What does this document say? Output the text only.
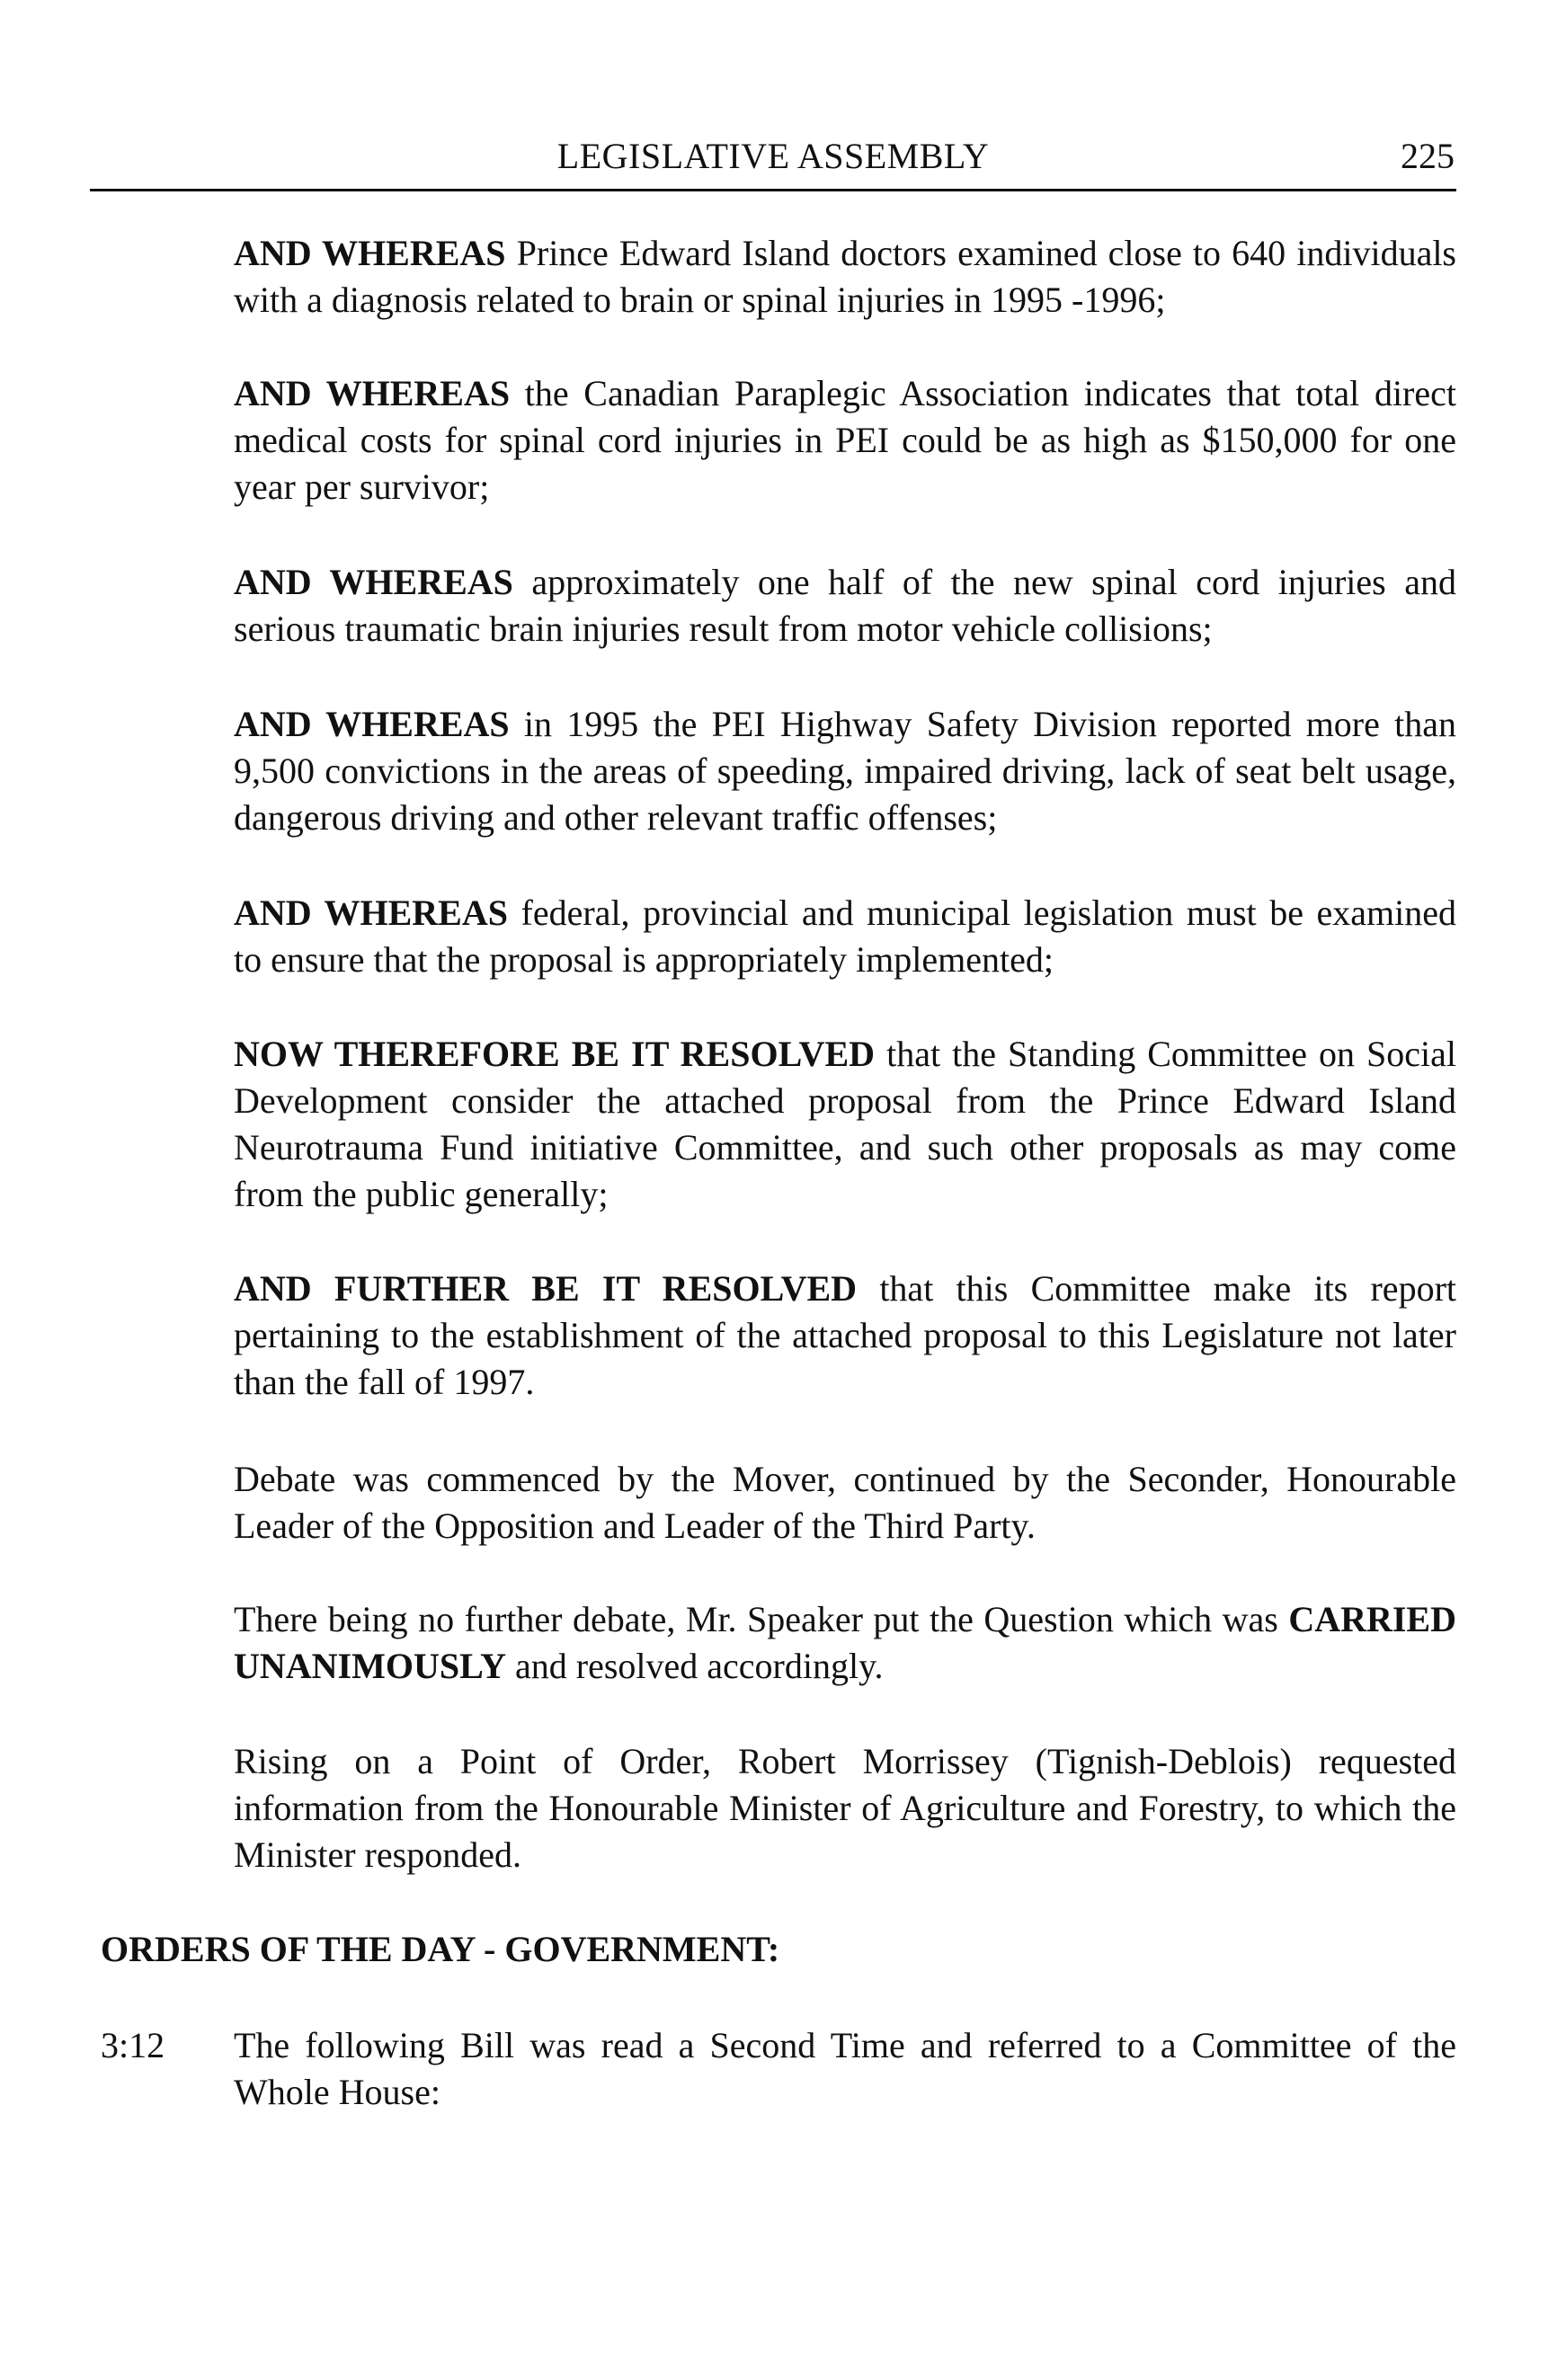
LEGISLATIVE ASSEMBLY	225

AND WHEREAS Prince Edward Island doctors examined close to 640 individuals with a diagnosis related to brain or spinal injuries in 1995 -1996;

AND WHEREAS the Canadian Paraplegic Association indicates that total direct medical costs for spinal cord injuries in PEI could be as high as $150,000 for one year per survivor;

AND WHEREAS approximately one half of the new spinal cord injuries and serious traumatic brain injuries result from motor vehicle collisions;

AND WHEREAS in 1995 the PEI Highway Safety Division reported more than 9,500 convictions in the areas of speeding, impaired driving, lack of seat belt usage, dangerous driving and other relevant traffic offenses;

AND WHEREAS federal, provincial and municipal legislation must be examined to ensure that the proposal is appropriately implemented;

NOW THEREFORE BE IT RESOLVED that the Standing Committee on Social Development consider the attached proposal from the Prince Edward Island Neurotrauma Fund initiative Committee, and such other proposals as may come from the public generally;

AND FURTHER BE IT RESOLVED that this Committee make its report pertaining to the establishment of the attached proposal to this Legislature not later than the fall of 1997.

Debate was commenced by the Mover, continued by the Seconder, Honourable Leader of the Opposition and Leader of the Third Party.

There being no further debate, Mr. Speaker put the Question which was CARRIED UNANIMOUSLY and resolved accordingly.

Rising on a Point of Order, Robert Morrissey (Tignish-Deblois) requested information from the Honourable Minister of Agriculture and Forestry, to which the Minister responded.

ORDERS OF THE DAY - GOVERNMENT:

3:12 The following Bill was read a Second Time and referred to a Committee of the Whole House:
